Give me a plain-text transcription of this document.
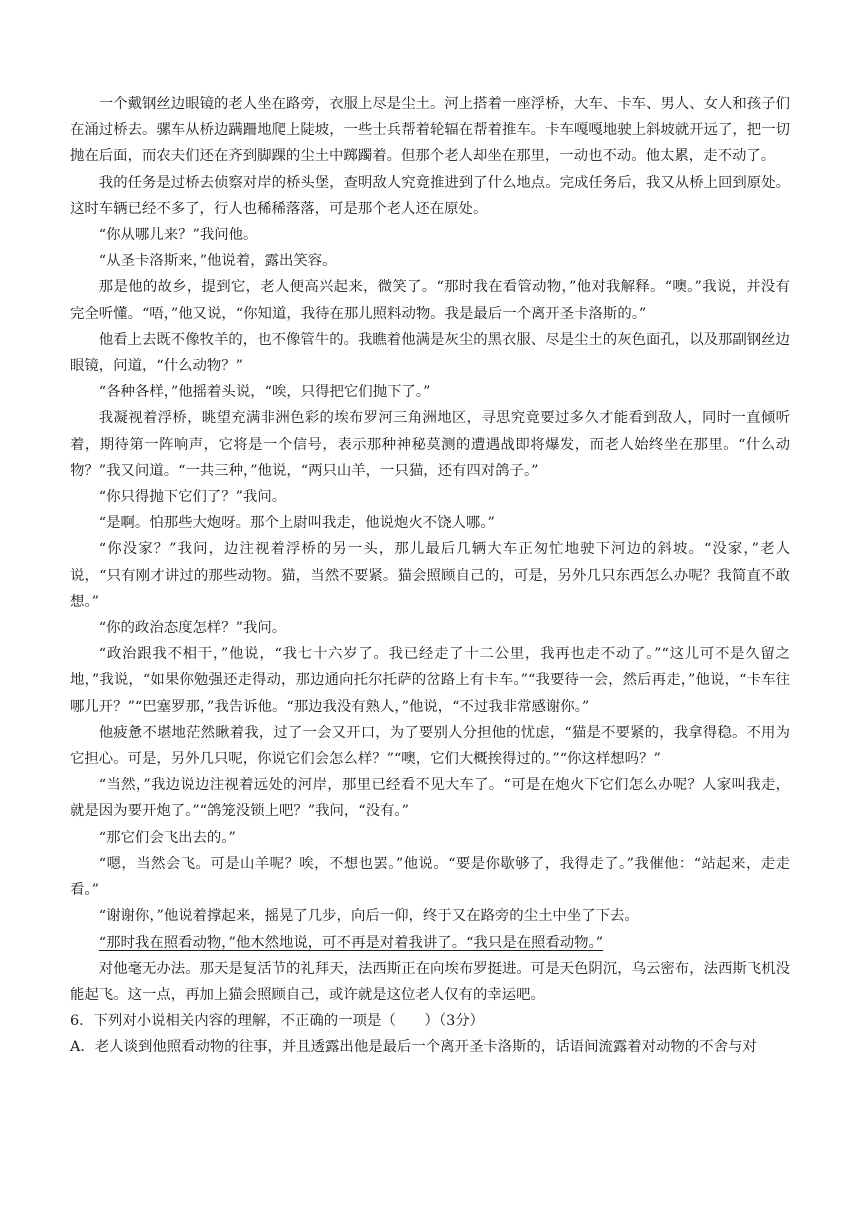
一个戴钢丝边眼镜的老人坐在路旁，衣服上尽是尘土。河上搭着一座浮桥，大车、卡车、男人、女人和孩子们在涌过桥去。骡车从桥边蹒跚地爬上陡坡，一些士兵帮着轮辐在帮着推车。卡车嘎嘎地驶上斜坡就开远了，把一切抛在后面，而农夫们还在齐到脚踝的尘土中踯躅着。但那个老人却坐在那里，一动也不动。他太累，走不动了。

我的任务是过桥去侦察对岸的桥头堡，查明敌人究竟推进到了什么地点。完成任务后，我又从桥上回到原处。这时车辆已经不多了，行人也稀稀落落，可是那个老人还在原处。

“你从哪儿来？”我问他。

“从圣卡洛斯来，”他说着，露出笑容。

那是他的故乡，提到它，老人便高兴起来，微笑了。“那时我在看管动物，”他对我解释。“噢。”我说，并没有完全听懂。“唔，”他又说，“你知道，我待在那儿照料动物。我是最后一个离开圣卡洛斯的。”

他看上去既不像牧羊的，也不像管牛的。我瞧着他满是灰尘的黑衣服、尽是尘土的灰色面孔，以及那副钢丝边眼镜，问道，“什么动物？”

“各种各样，”他摇着头说，“唉，只得把它们抛下了。”

我凝视着浮桥，眺望充满非洲色彩的埃布罗河三角洲地区，寻思究竟要过多久才能看到敌人，同时一直倾听着，期待第一阵响声，它将是一个信号，表示那种神秘莫测的遭遇战即将爆发，而老人始终坐在那里。“什么动物？”我又问道。“一共三种，”他说，“两只山羊，一只猫，还有四对鸽子。”

“你只得抛下它们了？”我问。

“是啊。怕那些大炮呀。那个上尉叫我走，他说炮火不饶人哪。”

“你没家？”我问，边注视着浮桥的另一头，那儿最后几辆大车正匆忙地驶下河边的斜坡。“没家，”老人说，“只有刚才讲过的那些动物。猫，当然不要紧。猫会照顾自己的，可是，另外几只东西怎么办呢？我简直不敢想。”

“你的政治态度怎样？”我问。

“政治跟我不相干，”他说，“我七十六岁了。我已经走了十二公里，我再也走不动了。”“这儿可不是久留之地，”我说，“如果你勉强还走得动，那边通向托尔托萨的岔路上有卡车。”“我要待一会，然后再走，”他说，“卡车往哪儿开？”“巴塞罗那，”我告诉他。“那边我没有熟人，”他说，“不过我非常感谢你。”

他疲惫不堪地茫然瞅着我，过了一会又开口，为了要别人分担他的忧虑，“猫是不要紧的，我拿得稳。不用为它担心。可是，另外几只呢，你说它们会怎么样？”“噢，它们大概挨得过的。”“你这样想吗？”

“当然，”我边说边注视着远处的河岸，那里已经看不见大车了。“可是在炮火下它们怎么办呢？人家叫我走，就是因为要开炮了。”“鸽笼没锁上吧？”我问，“没有。”

“那它们会飞出去的。”

“嗯，当然会飞。可是山羊呢？唉，不想也罢。”他说。“要是你歇够了，我得走了。”我催他：“站起来，走走看。”

“谢谢你，”他说着撑起来，摇晃了几步，向后一仰，终于又在路旁的尘土中坐了下去。

“那时我在照看动物，”他木然地说，可不再是对着我讲了。“我只是在照看动物。”

对他毫无办法。那天是复活节的礼拜天，法西斯正在向埃布罗挺进。可是天色阴沉，乌云密布，法西斯飞机没能起飞。这一点，再加上猫会照顾自己，或许就是这位老人仅有的幸运吧。

6．下列对小说相关内容的理解，不正确的一项是（　　）（3分）

A．老人谈到他照看动物的往事，并且透露出他是最后一个离开圣卡洛斯的，话语间流露着对动物的不舍与对
